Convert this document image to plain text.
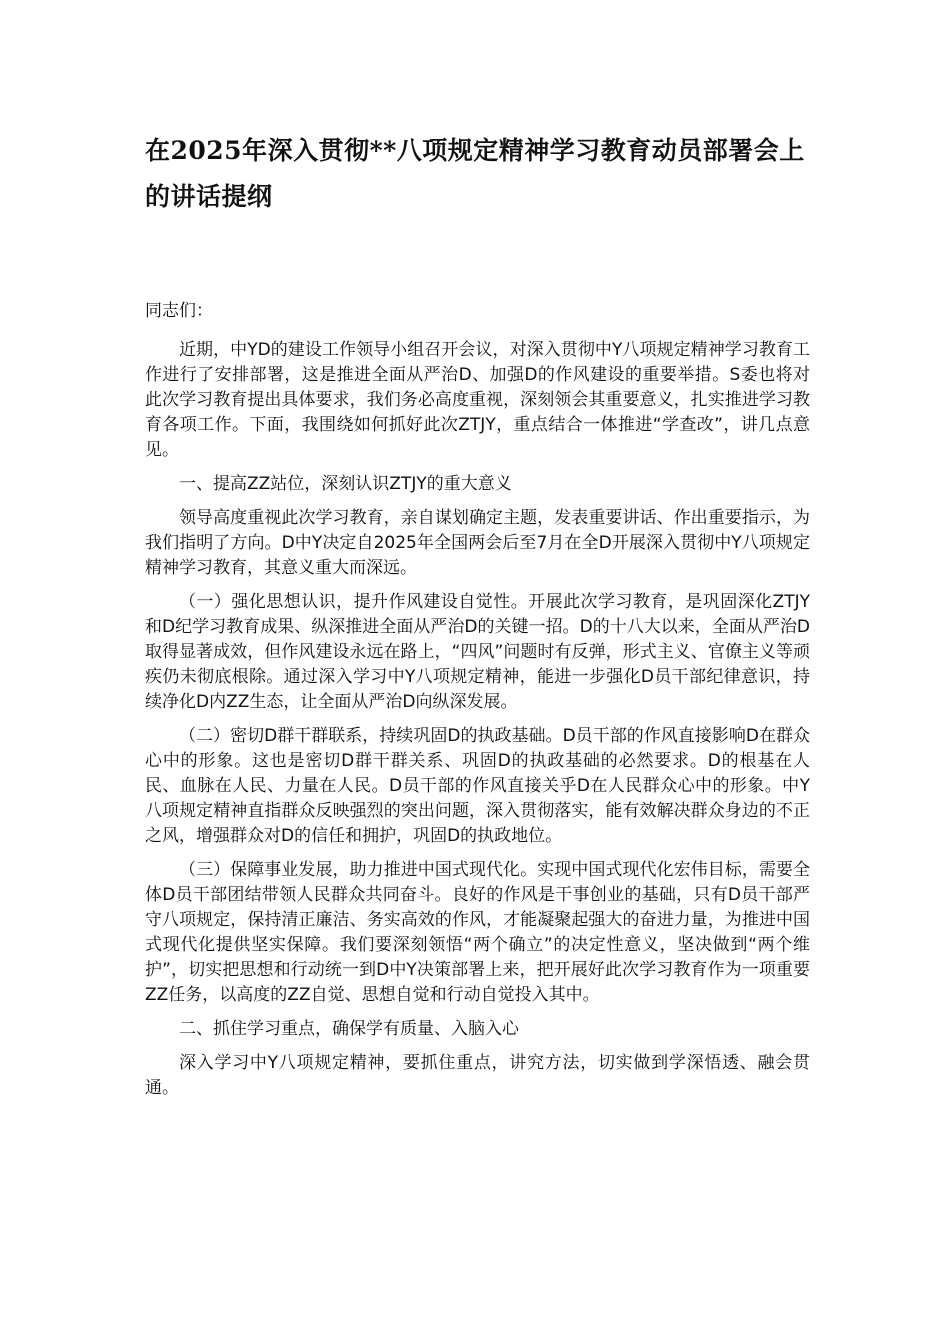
在2025年深入贯彻**八项规定精神学习教育动员部署会上的讲话提纲

同志们：

近期，中YD的建设工作领导小组召开会议，对深入贯彻中Y八项规定精神学习教育工作进行了安排部署，这是推进全面从严治D、加强D的作风建设的重要举措。S委也将对此次学习教育提出具体要求，我们务必高度重视，深刻领会其重要意义，扎实推进学习教育各项工作。下面，我围绕如何抓好此次ZTJY，重点结合一体推进“学查改”，讲几点意见。

一、提高ZZ站位，深刻认识ZTJY的重大意义

领导高度重视此次学习教育，亲自谋划确定主题，发表重要讲话、作出重要指示，为我们指明了方向。D中Y决定自2025年全国两会后至7月在全D开展深入贯彻中Y八项规定精神学习教育，其意义重大而深远。

（一）强化思想认识，提升作风建设自觉性。开展此次学习教育，是巩固深化ZTJY和D纪学习教育成果、纵深推进全面从严治D的关键一招。D的十八大以来，全面从严治D取得显著成效，但作风建设永远在路上，“四风”问题时有反弹，形式主义、官僚主义等顽疾仍未彻底根除。通过深入学习中Y八项规定精神，能进一步强化D员干部纪律意识，持续净化D内ZZ生态，让全面从严治D向纵深发展。

（二）密切D群干群联系，持续巩固D的执政基础。D员干部的作风直接影响D在群众心中的形象。这也是密切D群干群关系、巩固D的执政基础的必然要求。D的根基在人民、血脉在人民、力量在人民。D员干部的作风直接关乎D在人民群众心中的形象。中Y八项规定精神直指群众反映强烈的突出问题，深入贯彻落实，能有效解决群众身边的不正之风，增强群众对D的信任和拥护，巩固D的执政地位。

（三）保障事业发展，助力推进中国式现代化。实现中国式现代化宏伟目标，需要全体D员干部团结带领人民群众共同奋斗。良好的作风是干事创业的基础，只有D员干部严守八项规定，保持清正廉洁、务实高效的作风，才能凝聚起强大的奋进力量，为推进中国式现代化提供坚实保障。我们要深刻领悟“两个确立”的决定性意义，坚决做到“两个维护”，切实把思想和行动统一到D中Y决策部署上来，把开展好此次学习教育作为一项重要ZZ任务，以高度的ZZ自觉、思想自觉和行动自觉投入其中。

二、抓住学习重点，确保学有质量、入脑入心

深入学习中Y八项规定精神，要抓住重点，讲究方法，切实做到学深悟透、融会贯通。
